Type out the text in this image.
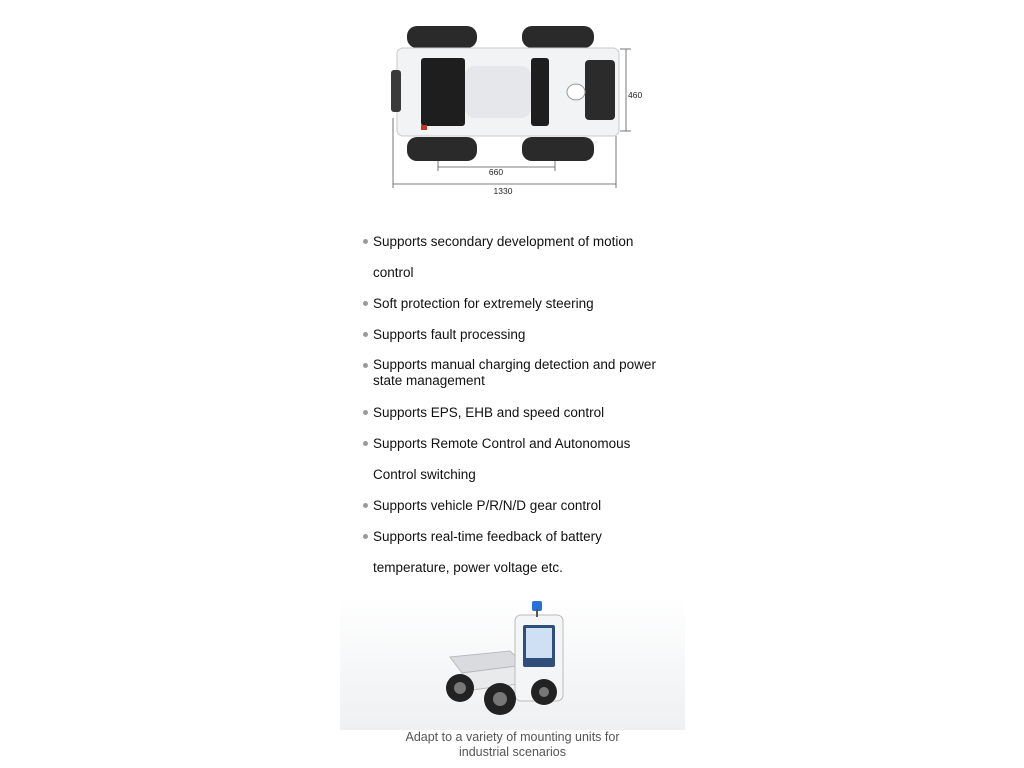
460
660
1330
Supports secondary development of motion
control
Soft protection for extremely steering
Supports fault processing
Supports manual charging detection and power
state management
Supports EPS, EHB and speed control
Supports Remote Control and Autonomous
Control switching
Supports vehicle P/R/N/D gear control
Supports real-time feedback of battery
temperature, power voltage etc.
Adapt to a variety of mounting units for
industrial scenarios
